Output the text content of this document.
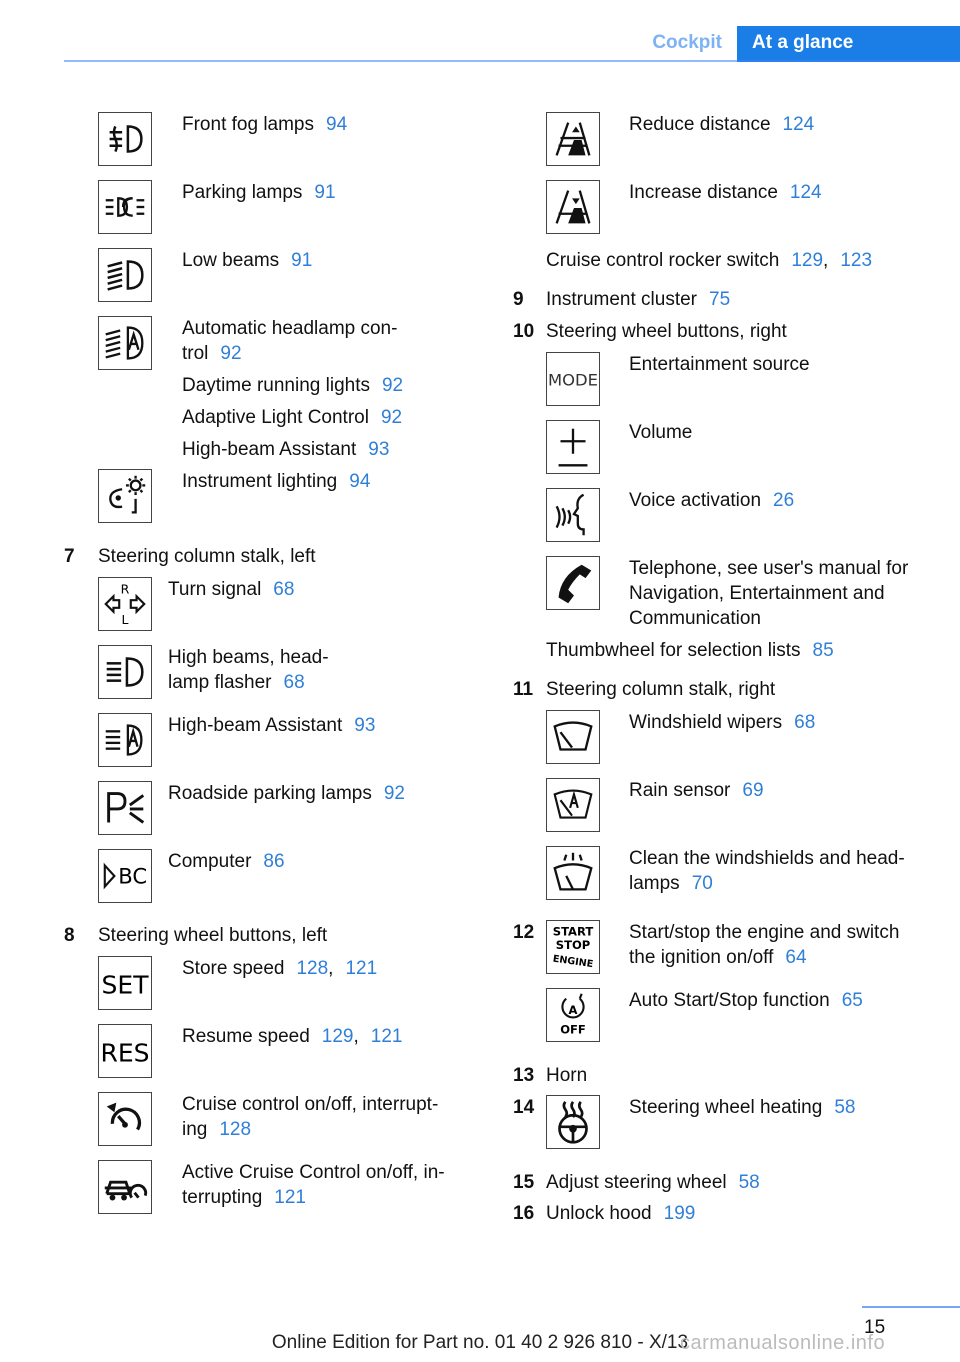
Cockpit	At a glance
Front fog lamps 94
Parking lamps 91
Low beams 91
Automatic headlamp con-
trol 92
Daytime running lights 92
Adaptive Light Control 92
High-beam Assistant 93
Instrument lighting 94
7 Steering column stalk, left
R
L
Turn signal 68
High beams, head-
lamp flasher 68
High-beam Assistant 93
Roadside parking lamps 92
BC
Computer 86
8 Steering wheel buttons, left
SET
Store speed 128, 121
RES
Resume speed 129, 121
Cruise control on/off, interrupt-
ing 128
Active Cruise Control on/off, in-
terrupting 121
Reduce distance 124
Increase distance 124
Cruise control rocker switch 129, 123
9 Instrument cluster 75
10 Steering wheel buttons, right
MODE
Entertainment source
Volume
Voice activation 26
Telephone, see user's manual for
Navigation, Entertainment and
Communication
Thumbwheel for selection lists 85
11 Steering column stalk, right
Windshield wipers 68
Rain sensor 69
Clean the windshields and head-
lamps 70
12 START
STOP
ENGINE
Start/stop the engine and switch
the ignition on/off 64
A
OFF
Auto Start/Stop function 65
13 Horn
14	Steering wheel heating 58
15 Adjust steering wheel 58
16 Unlock hood 199
15
Online Edition for Part no. 01 40 2 926 810 - X/13
carmanualsonline.info
